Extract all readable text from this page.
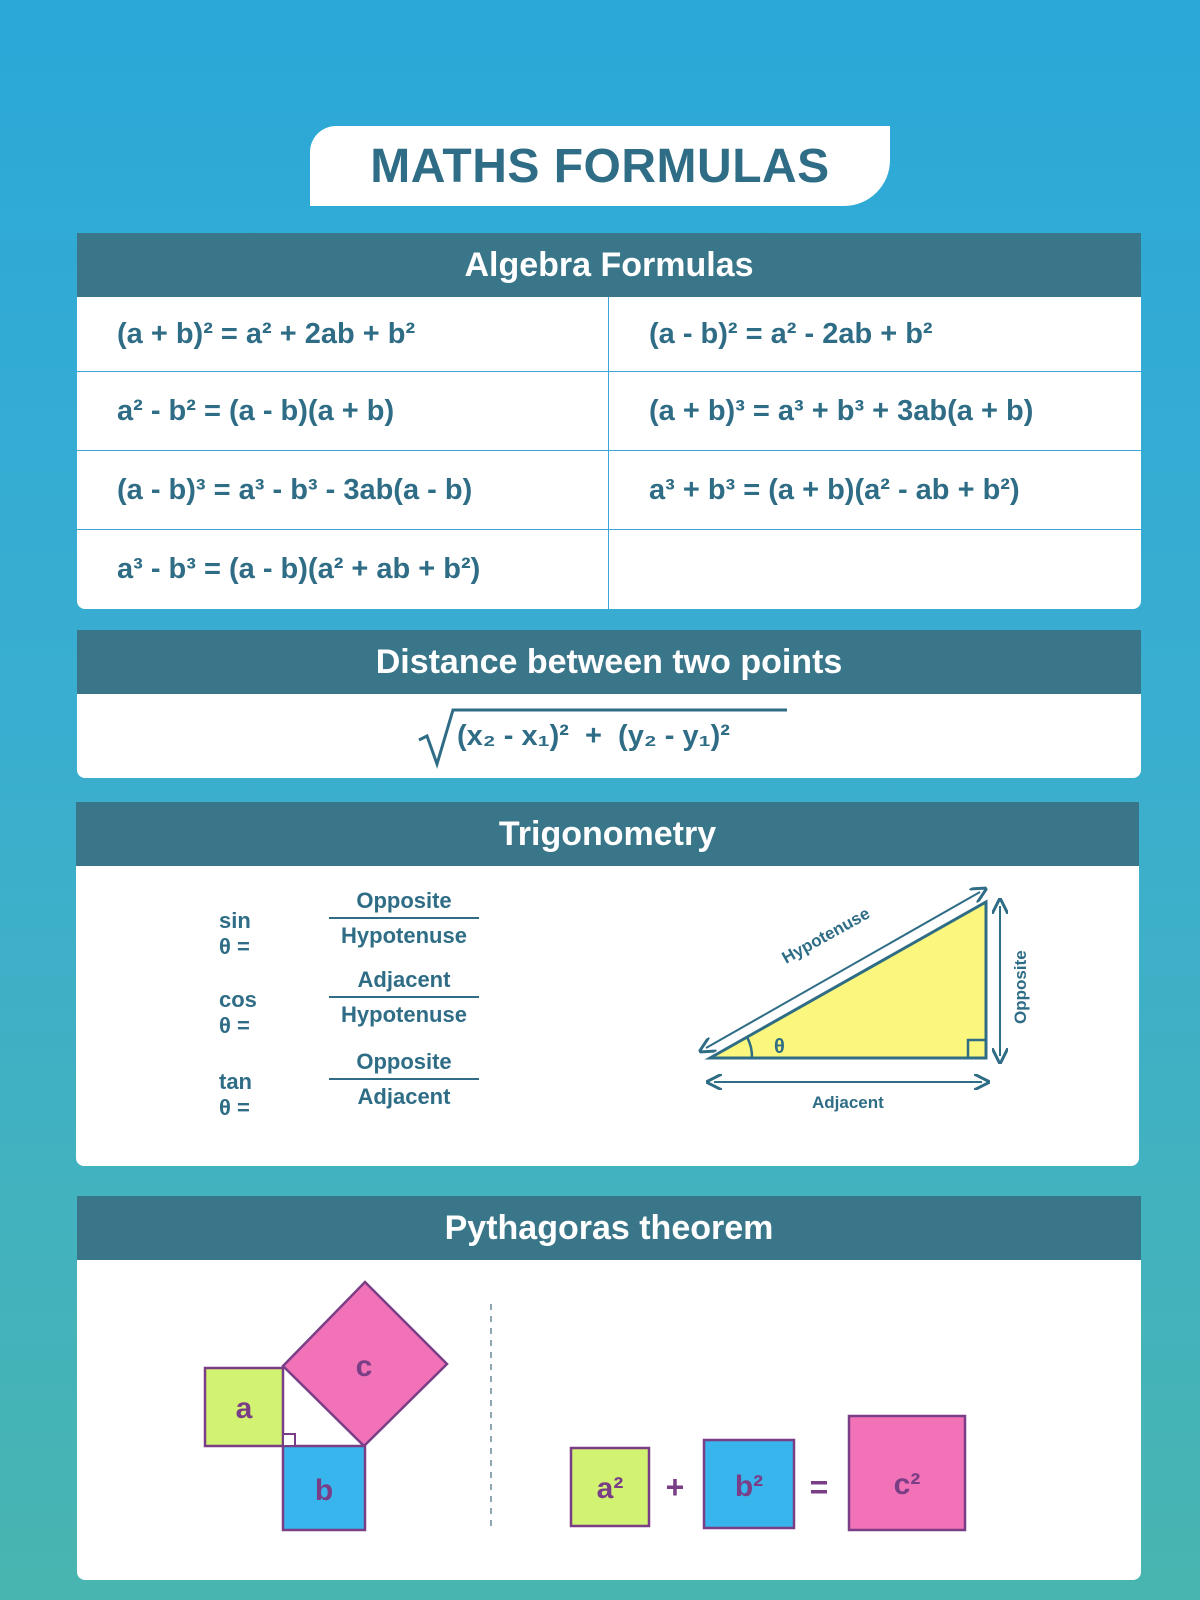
MATHS FORMULAS
Algebra Formulas
(a + b)² = a² + 2ab + b²	(a - b)² = a² - 2ab + b²
a² - b² = (a - b)(a + b)	(a + b)³ = a³ + b³ + 3ab(a + b)
(a - b)³ = a³ - b³ - 3ab(a - b)	a³ + b³ = (a + b)(a² - ab + b²)
a³ - b³ = (a - b)(a² + ab + b²)
Distance between two points
(x₂ - x₁)²  +  (y₂ - y₁)²
Trigonometry
sin θ =
Opposite
Hypotenuse
cos θ =
Adjacent
Hypotenuse
tan θ =
Opposite
Adjacent
θ
Hypotenuse
Opposite
Adjacent
Pythagoras theorem
c
a
b	a² + b² = c²
